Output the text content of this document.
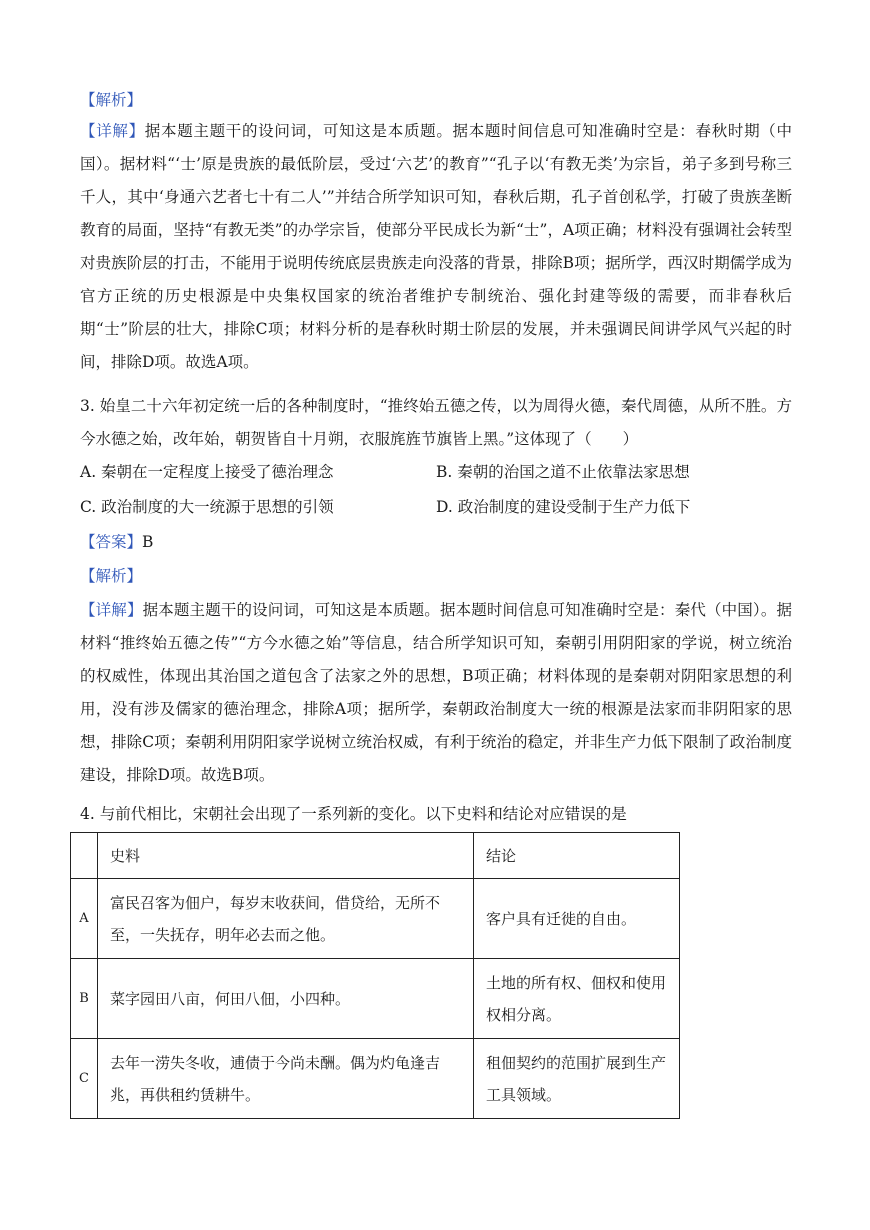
【解析】
【详解】据本题主题干的设问词，可知这是本质题。据本题时间信息可知准确时空是：春秋时期（中国）。据材料“‘士’原是贵族的最低阶层，受过‘六艺’的教育”“孔子以‘有教无类’为宗旨，弟子多到号称三千人，其中‘身通六艺者七十有二人’”并结合所学知识可知，春秋后期，孔子首创私学，打破了贵族垄断教育的局面，坚持“有教无类”的办学宗旨，使部分平民成长为新“士”，A项正确；材料没有强调社会转型对贵族阶层的打击，不能用于说明传统底层贵族走向没落的背景，排除B项；据所学，西汉时期儒学成为官方正统的历史根源是中央集权国家的统治者维护专制统治、强化封建等级的需要，而非春秋后期“士”阶层的壮大，排除C项；材料分析的是春秋时期士阶层的发展，并未强调民间讲学风气兴起的时间，排除D项。故选A项。
3. 始皇二十六年初定统一后的各种制度时，“推终始五德之传，以为周得火德，秦代周德，从所不胜。方今水德之始，改年始，朝贺皆自十月朔，衣服旄旌节旗皆上黑。”这体现了（　　）
A. 秦朝在一定程度上接受了德治理念	B. 秦朝的治国之道不止依靠法家思想
C. 政治制度的大一统源于思想的引领	D. 政治制度的建设受制于生产力低下
【答案】B
【解析】
【详解】据本题主题干的设问词，可知这是本质题。据本题时间信息可知准确时空是：秦代（中国）。据材料“推终始五德之传”“方今水德之始”等信息，结合所学知识可知，秦朝引用阴阳家的学说，树立统治的权威性，体现出其治国之道包含了法家之外的思想，B项正确；材料体现的是秦朝对阴阳家思想的利用，没有涉及儒家的德治理念，排除A项；据所学，秦朝政治制度大一统的根源是法家而非阴阳家的思想，排除C项；秦朝利用阴阳家学说树立统治权威，有利于统治的稳定，并非生产力低下限制了政治制度建设，排除D项。故选B项。
4. 与前代相比，宋朝社会出现了一系列新的变化。以下史料和结论对应错误的是
	史料	结论
A	富民召客为佃户，每岁末收获间，借贷给，无所不至，一失抚存，明年必去而之他。	客户具有迁徙的自由。
B	菜字园田八亩，何田八佃，小四种。	土地的所有权、佃权和使用权相分离。
C	去年一涝失冬收，逋债于今尚未酬。偶为灼龟逢吉兆，再供租约赁耕牛。	租佃契约的范围扩展到生产工具领域。
